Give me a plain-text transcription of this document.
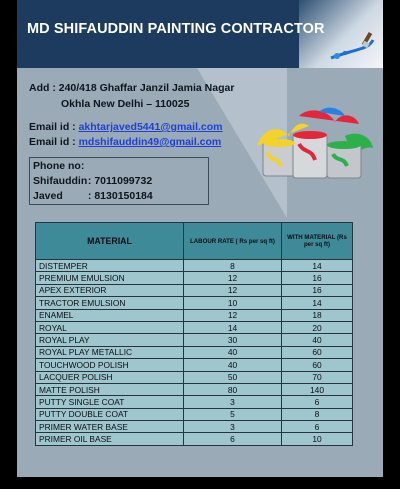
MD SHIFAUDDIN PAINTING CONTRACTOR
Add : 240/418 Ghaffar Janzil Jamia Nagar
Okhla New Delhi – 110025
Email id : akhtarjaved5441@gmail.com
Email id : mdshifauddin49@gmail.com
Phone no:
Shifauddin : 7011099732
Javed : 8130150184
MATERIAL	LABOUR RATE ( Rs per sq ft)	WITH MATERIAL (Rs per sq ft)
DISTEMPER	8	14
PREMIUM EMULSION	12	16
APEX EXTERIOR	12	16
TRACTOR EMULSION	10	14
ENAMEL	12	18
ROYAL	14	20
ROYAL PLAY	30	40
ROYAL PLAY METALLIC	40	60
TOUCHWOOD POLISH	40	60
LACQUER POLISH	50	70
MATTE POLISH	80	140
PUTTY SINGLE COAT	3	6
PUTTY DOUBLE COAT	5	8
PRIMER WATER BASE	3	6
PRIMER OIL BASE	6	10
